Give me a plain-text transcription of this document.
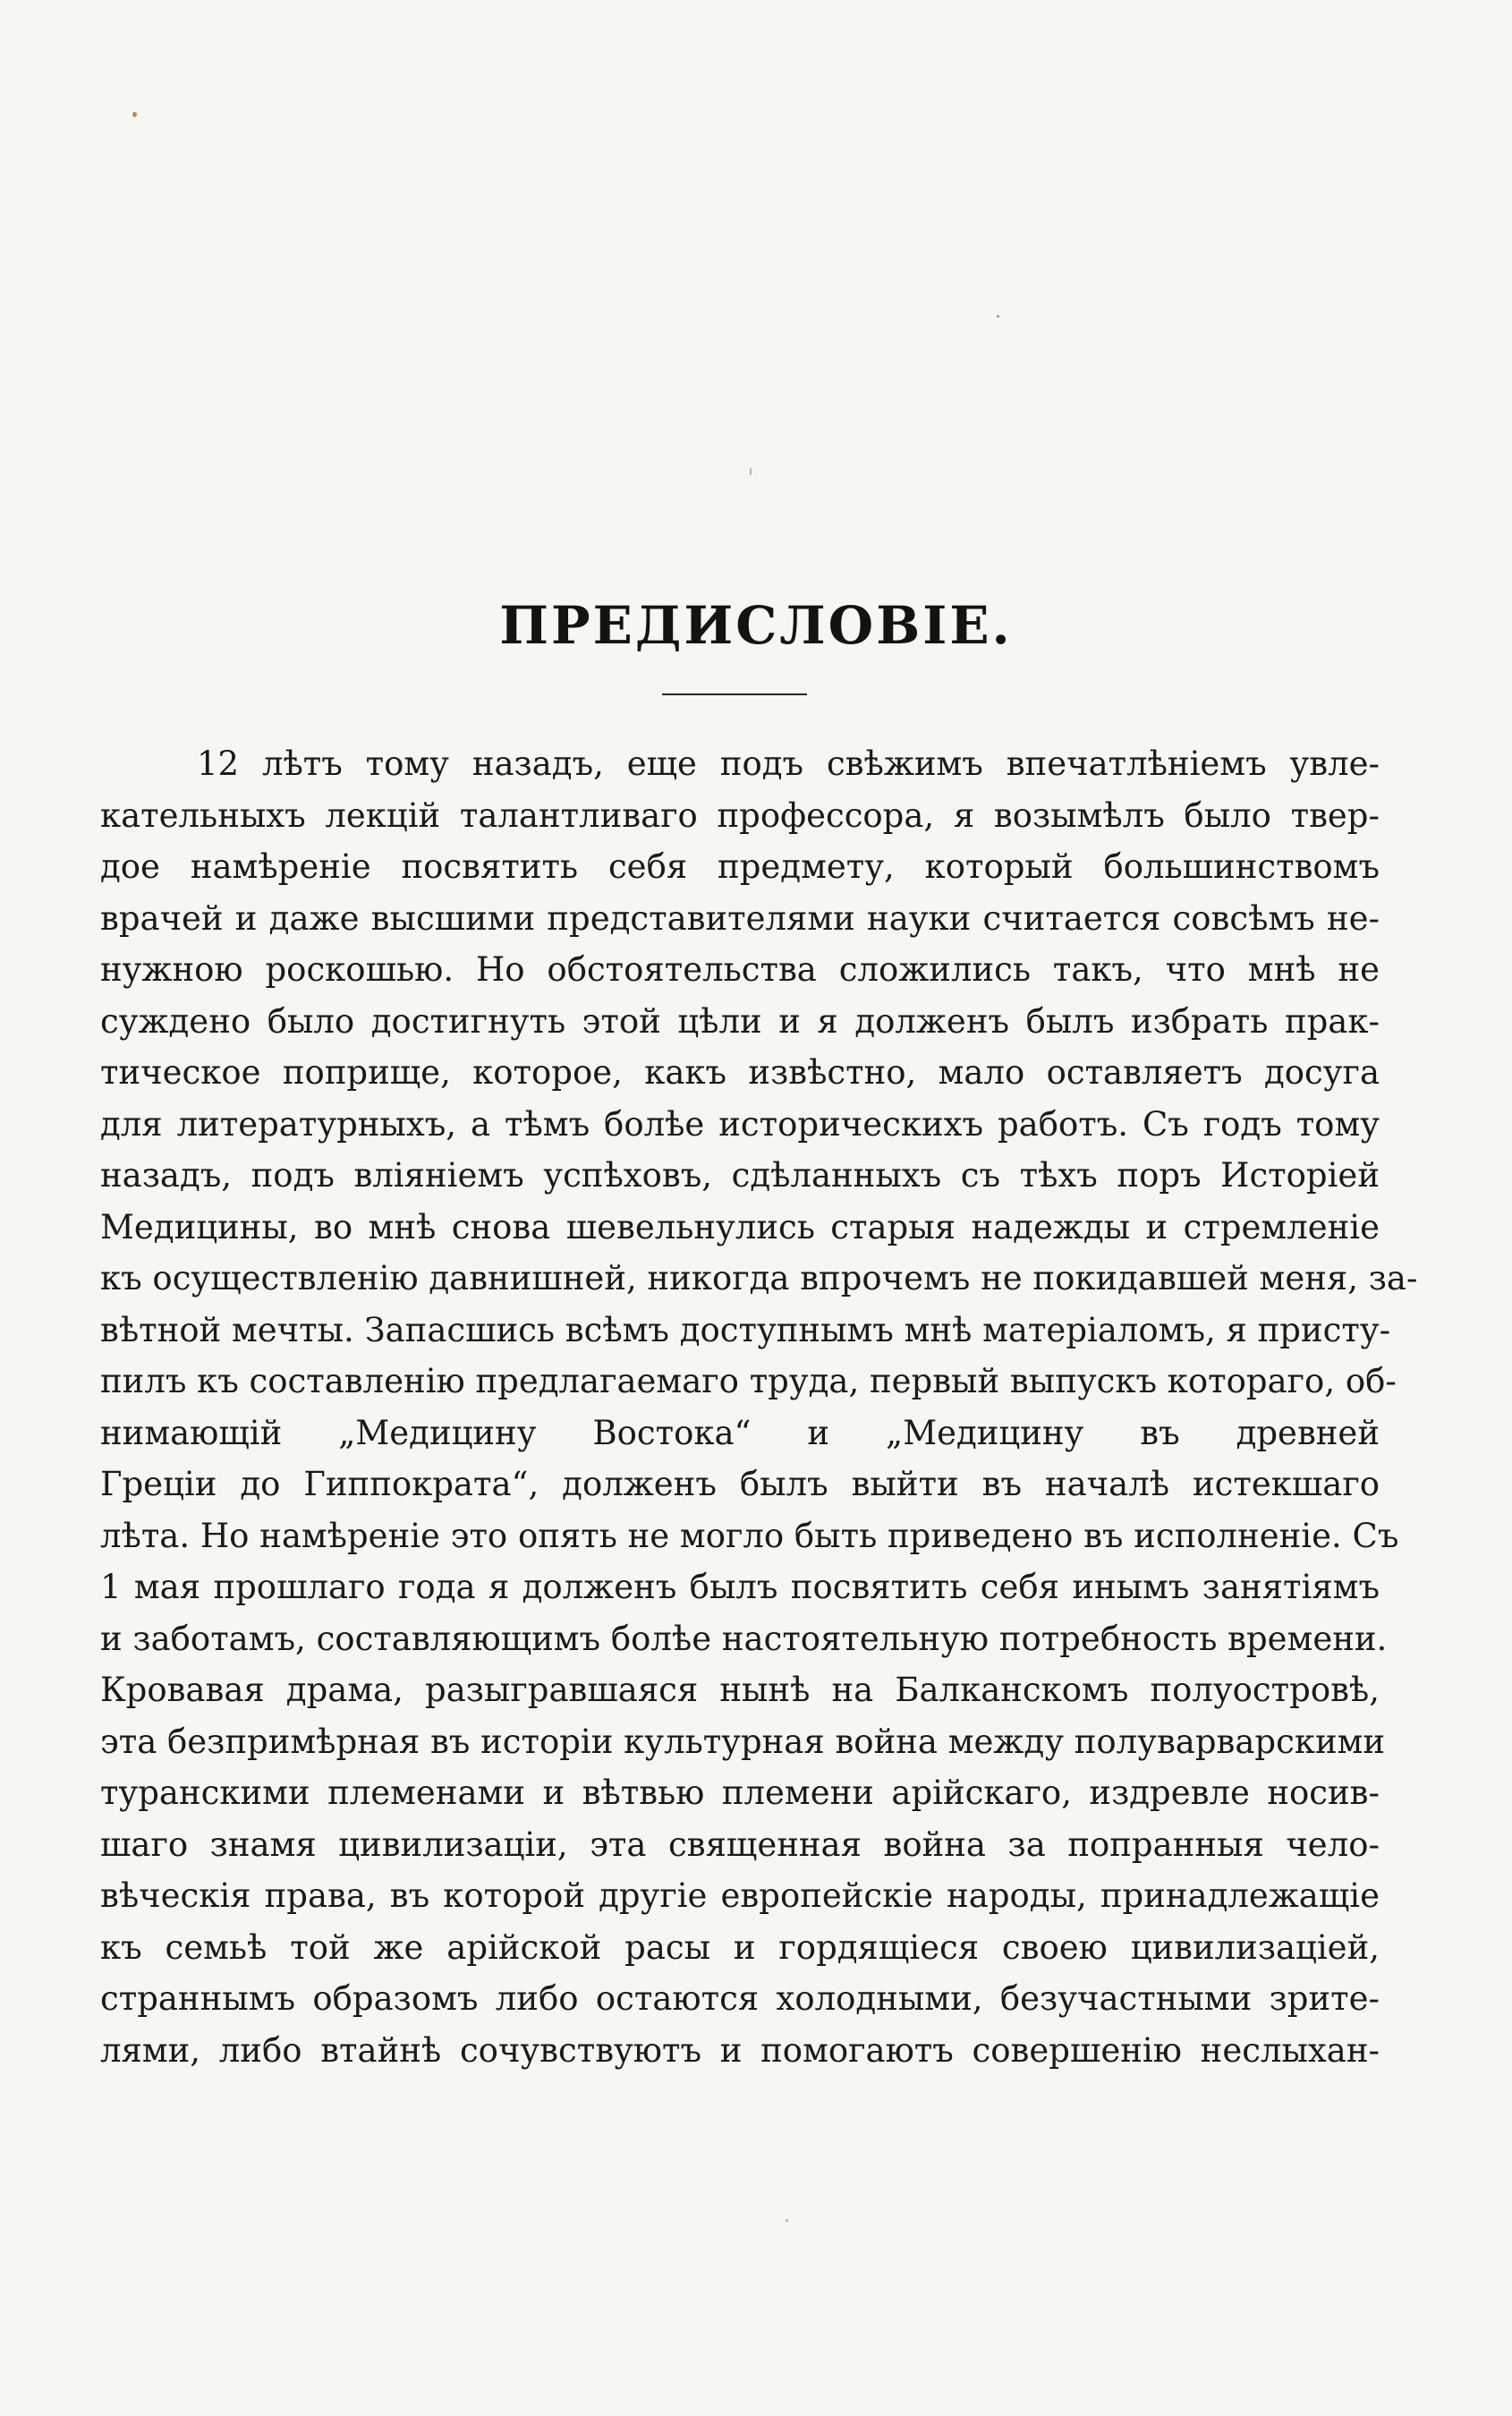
ПРЕДИСЛОВIЕ.
12 лѣтъ тому назадъ, еще подъ свѣжимъ впечатлѣнiемъ увле-
кательныхъ лекцiй талантливаго профессора, я возымѣлъ было твер-
дое намѣренiе посвятить себя предмету, который большинствомъ
врачей и даже высшими представителями науки считается совсѣмъ не-
нужною роскошью. Но обстоятельства сложились такъ, что мнѣ не
суждено было достигнуть этой цѣли и я долженъ былъ избрать прак-
тическое поприще, которое, какъ извѣстно, мало оставляетъ досуга
для литературныхъ, а тѣмъ болѣе историческихъ работъ. Съ годъ тому
назадъ, подъ влiянiемъ успѣховъ, сдѣланныхъ съ тѣхъ поръ Исторiей
Медицины, во мнѣ снова шевельнулись старыя надежды и стремленiе
къ осуществленiю давнишней, никогда впрочемъ не покидавшей меня, за-
вѣтной мечты. Запасшись всѣмъ доступнымъ мнѣ матерiаломъ, я присту-
пилъ къ составленiю предлагаемаго труда, первый выпускъ котораго, об-
нимающiй „Медицину Востока“ и „Медицину въ древней
Грецiи до Гиппократа“, долженъ былъ выйти въ началѣ истекшаго
лѣта. Но намѣренiе это опять не могло быть приведено въ исполненiе. Съ
1 мая прошлаго года я долженъ былъ посвятить себя инымъ занятiямъ
и заботамъ, составляющимъ болѣе настоятельную потребность времени.
Кровавая драма, разыгравшаяся нынѣ на Балканскомъ полуостровѣ,
эта безпримѣрная въ исторiи культурная война между полуварварскими
туранскими племенами и вѣтвью племени арiйскаго, издревле носив-
шаго знамя цивилизацiи, эта священная война за попранныя чело-
вѣческiя права, въ которой другiе европейскiе народы, принадлежащiе
къ семьѣ той же арiйской расы и гордящiеся своею цивилизацiей,
страннымъ образомъ либо остаются холодными, безучастными зрите-
лями, либо втайнѣ сочувствуютъ и помогаютъ совершенiю неслыхан-
